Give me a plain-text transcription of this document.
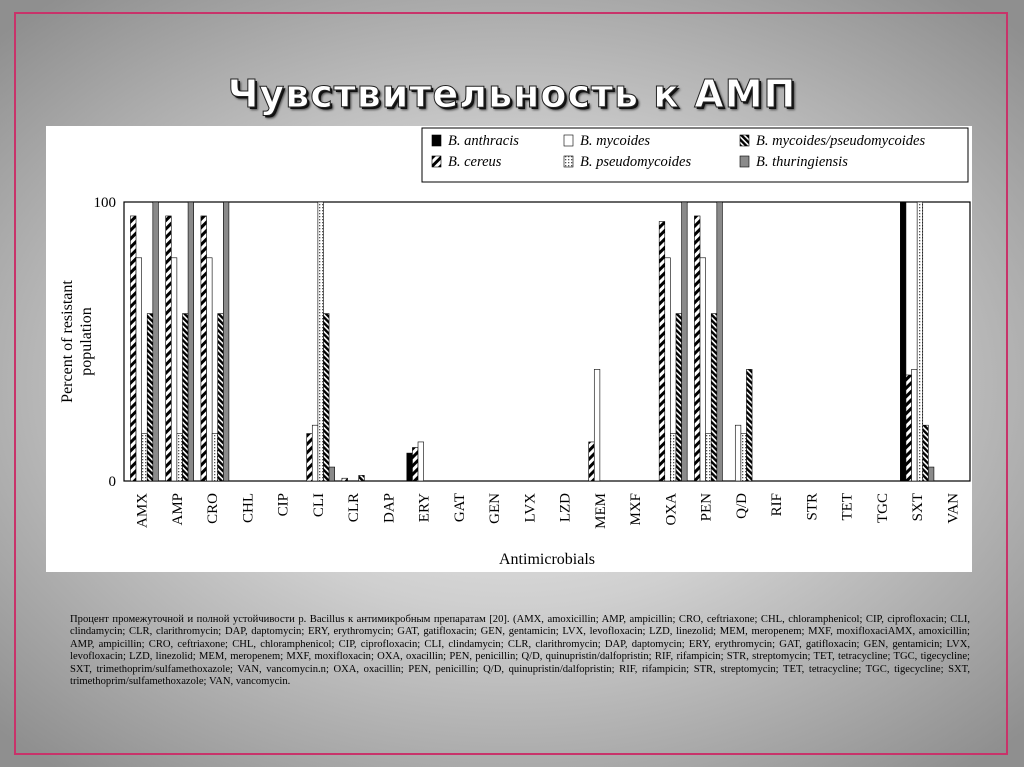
Чувствительность к АМП
AMX AMP CRO CHL CIP CLI CLR DAP ERY GAT GEN LVX LZD MEM MXF OXA PEN Q/D RIF STR TET TGC SXT VAN
Antimicrobials
0
100
Percent of resistant population
B. anthracis	B. mycoides	B. mycoides/pseudomycoides
B. cereus	B. pseudomycoides	B. thuringiensis
Процент промежуточной и полной устойчивости р. Bacillus к антимикробным препаратам [20]. (AMX, amoxicillin; AMP, ampicillin; CRO, ceftriaxone; CHL, chloramphenicol; CIP, ciprofloxacin; CLI, clindamycin; CLR, clarithromycin; DAP, daptomycin; ERY, erythromycin; GAT, gatifloxacin; GEN, gentamicin; LVX, levofloxacin; LZD, linezolid; MEM, meropenem; MXF, moxifloxaciAMX, amoxicillin; AMP, ampicillin; CRO, ceftriaxone; CHL, chloramphenicol; CIP, ciprofloxacin; CLI, clindamycin; CLR, clarithromycin; DAP, daptomycin; ERY, erythromycin; GAT, gatifloxacin; GEN, gentamicin; LVX, levofloxacin; LZD, linezolid; MEM, meropenem; MXF, moxifloxacin; OXA, oxacillin; PEN, penicillin; Q/D, quinupristin/dalfopristin; RIF, rifampicin; STR, streptomycin; TET, tetracycline; TGC, tigecycline; SXT, trimethoprim/sulfamethoxazole; VAN, vancomycin.n; OXA, oxacillin; PEN, penicillin; Q/D, quinupristin/dalfopristin; RIF, rifampicin; STR, streptomycin; TET, tetracycline; TGC, tigecycline; SXT, trimethoprim/sulfamethoxazole; VAN, vancomycin.
